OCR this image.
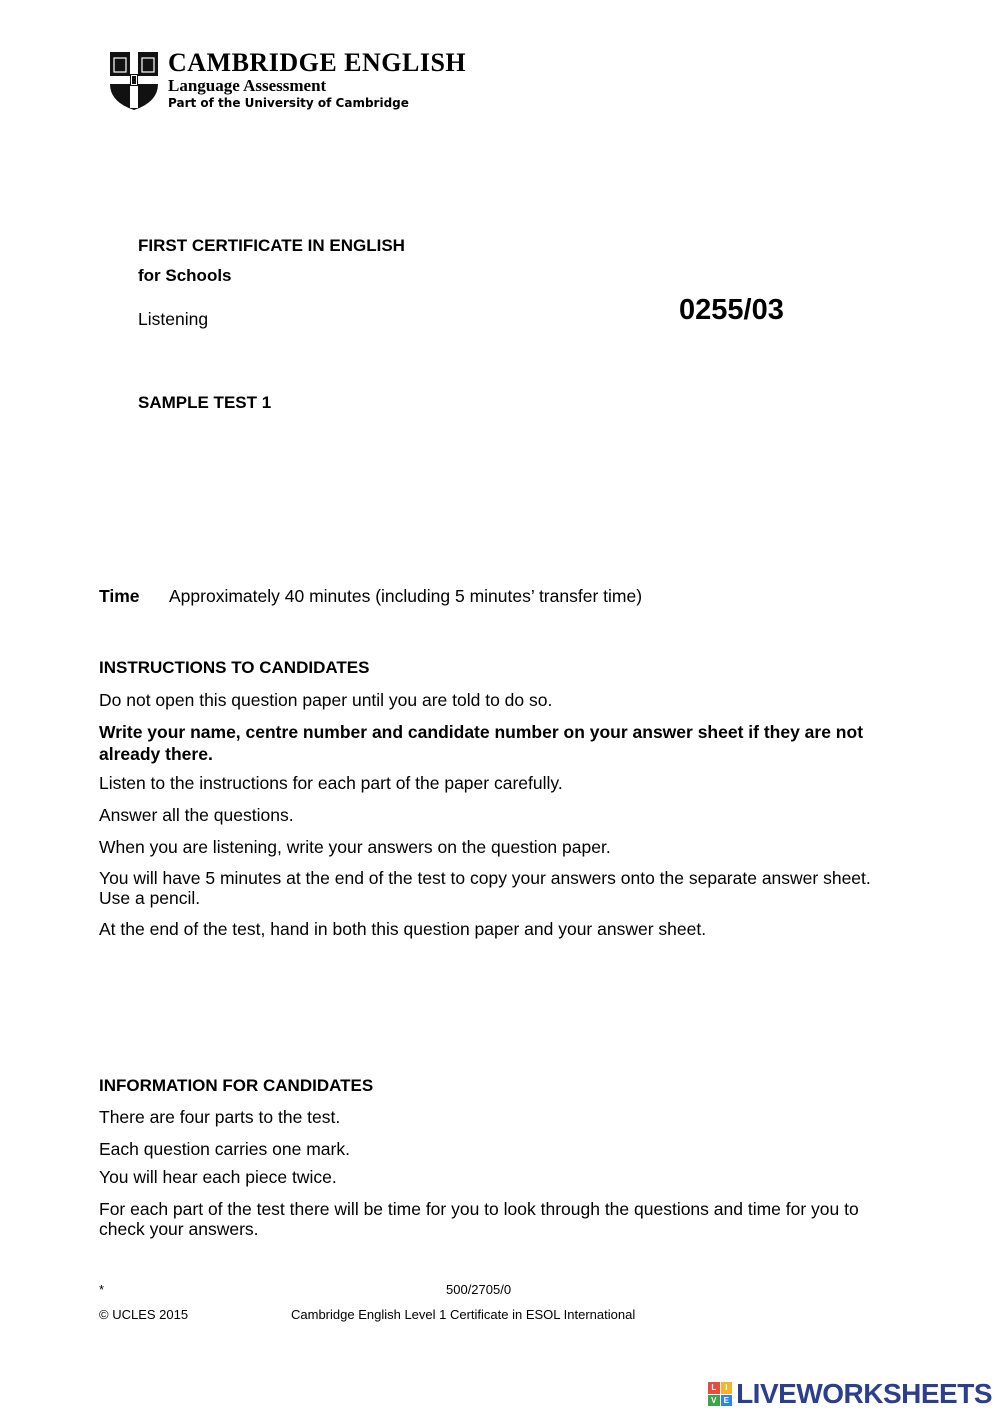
CAMBRIDGE ENGLISH
Language Assessment
Part of the University of Cambridge
FIRST CERTIFICATE IN ENGLISH
for Schools
Listening	0255/03
SAMPLE TEST 1
Time Approximately 40 minutes (including 5 minutes’ transfer time)
INSTRUCTIONS TO CANDIDATES
Do not open this question paper until you are told to do so.
Write your name, centre number and candidate number on your answer sheet if they are not already there.
Listen to the instructions for each part of the paper carefully.
Answer all the questions.
When you are listening, write your answers on the question paper.
You will have 5 minutes at the end of the test to copy your answers onto the separate answer sheet. Use a pencil.
At the end of the test, hand in both this question paper and your answer sheet.
INFORMATION FOR CANDIDATES
There are four parts to the test.
Each question carries one mark.
You will hear each piece twice.
For each part of the test there will be time for you to look through the questions and time for you to check your answers.
*	500/2705/0
© UCLES 2015	Cambridge English Level 1 Certificate in ESOL International
L	I
V E LIVEWORKSHEETS
